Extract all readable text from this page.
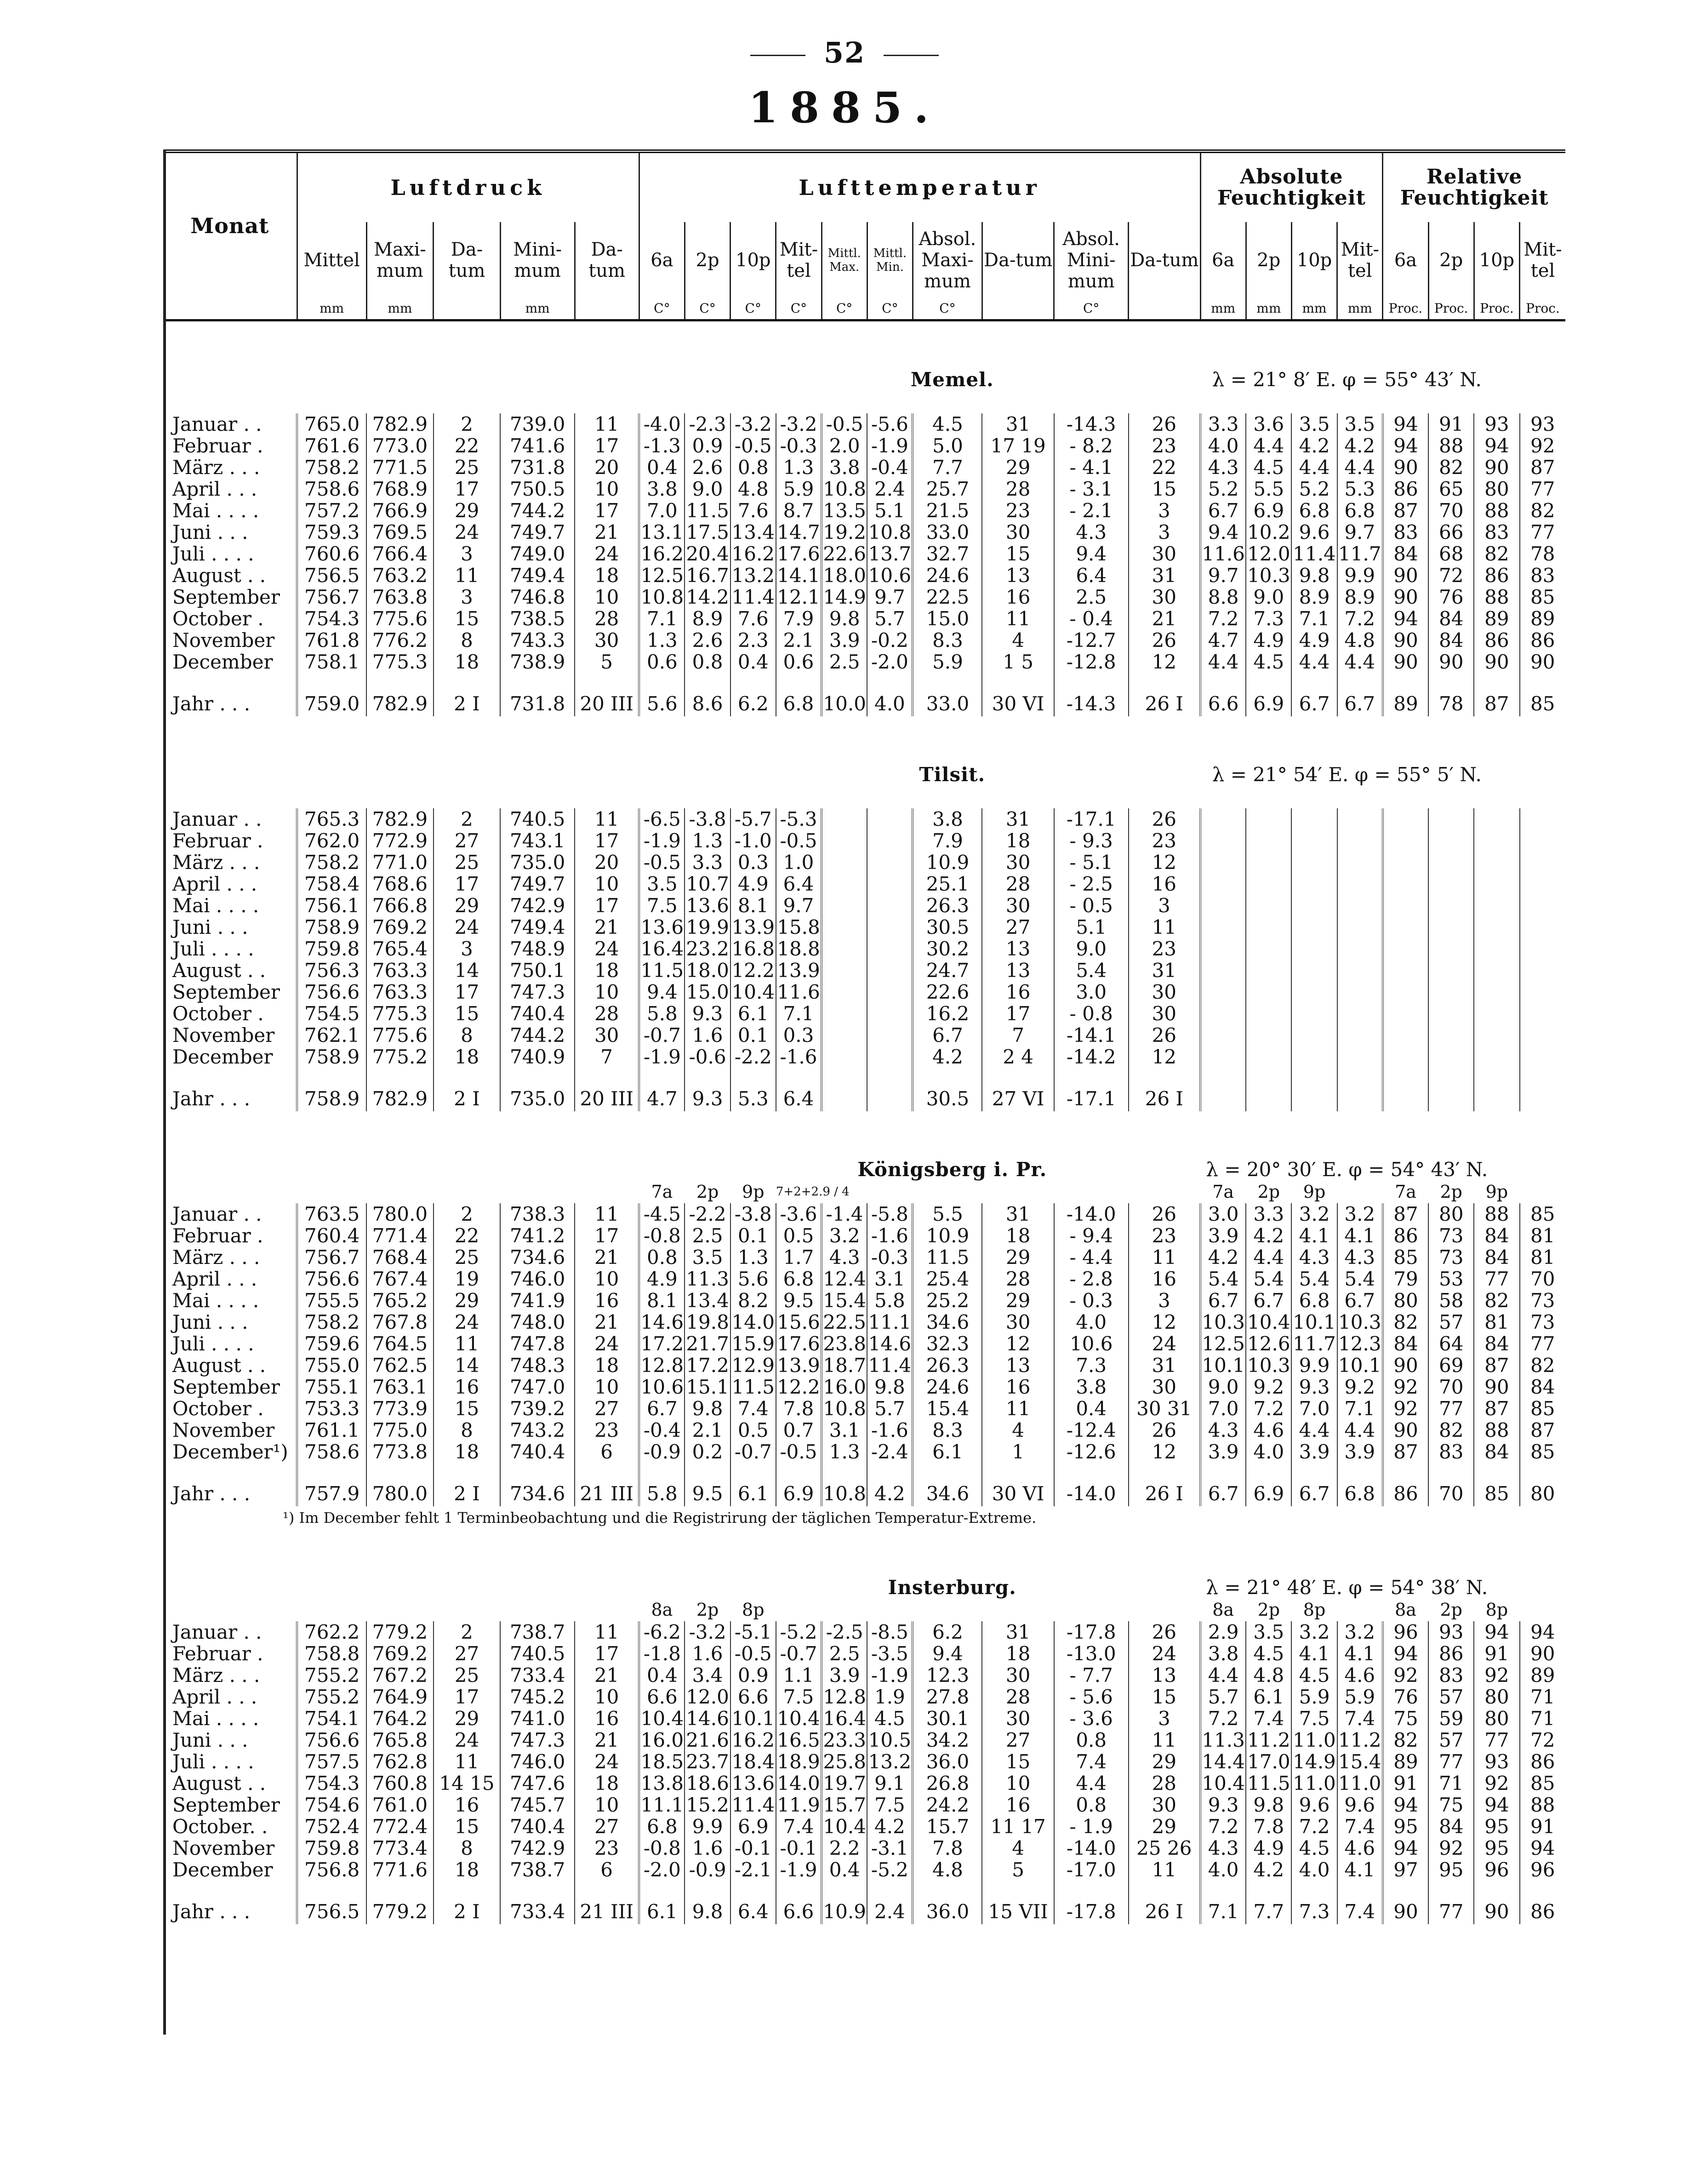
52
1885.
Monat	Luftdruck					Lufttemperatur										Absolute Feuchtigkeit				Relative Feuchtigkeit			
	Mittel	Maxi-mum	Da-tum	Mini-mum	Da-tum	6a	2p	10p	Mit-tel	Mittl. Max.	Mittl. Min.	Absol. Maxi-mum	Da-tum	Absol. Mini-mum	Da-tum	6a	2p	10p	Mit-tel	6a	2p	10p	Mit-tel
	mm	mm		mm		C°	C°	C°	C°	C°	C°	C°		C°		mm	mm	mm	mm	Proc.	Proc.	Proc.	Proc.
									Memel.						λ = 21° 8′ E. φ = 55° 43′ N.								

Januar . .	765.0	782.9	2	739.0	11	-4.0	-2.3	-3.2	-3.2	-0.5	-5.6	4.5	31	-14.3	26	3.3	3.6	3.5	3.5	94	91	93	93
Februar .	761.6	773.0	22	741.6	17	-1.3	0.9	-0.5	-0.3	2.0	-1.9	5.0	17 19	- 8.2	23	4.0	4.4	4.2	4.2	94	88	94	92
März . . .	758.2	771.5	25	731.8	20	0.4	2.6	0.8	1.3	3.8	-0.4	7.7	29	- 4.1	22	4.3	4.5	4.4	4.4	90	82	90	87
April . . .	758.6	768.9	17	750.5	10	3.8	9.0	4.8	5.9	10.8	2.4	25.7	28	- 3.1	15	5.2	5.5	5.2	5.3	86	65	80	77
Mai . . . .	757.2	766.9	29	744.2	17	7.0	11.5	7.6	8.7	13.5	5.1	21.5	23	- 2.1	3	6.7	6.9	6.8	6.8	87	70	88	82
Juni . . .	759.3	769.5	24	749.7	21	13.1	17.5	13.4	14.7	19.2	10.8	33.0	30	4.3	3	9.4	10.2	9.6	9.7	83	66	83	77
Juli . . . .	760.6	766.4	3	749.0	24	16.2	20.4	16.2	17.6	22.6	13.7	32.7	15	9.4	30	11.6	12.0	11.4	11.7	84	68	82	78
August . .	756.5	763.2	11	749.4	18	12.5	16.7	13.2	14.1	18.0	10.6	24.6	13	6.4	31	9.7	10.3	9.8	9.9	90	72	86	83
September	756.7	763.8	3	746.8	10	10.8	14.2	11.4	12.1	14.9	9.7	22.5	16	2.5	30	8.8	9.0	8.9	8.9	90	76	88	85
October .	754.3	775.6	15	738.5	28	7.1	8.9	7.6	7.9	9.8	5.7	15.0	11	- 0.4	21	7.2	7.3	7.1	7.2	94	84	89	89
November	761.8	776.2	8	743.3	30	1.3	2.6	2.3	2.1	3.9	-0.2	8.3	4	-12.7	26	4.7	4.9	4.9	4.8	90	84	86	86
December	758.1	775.3	18	738.9	5	0.6	0.8	0.4	0.6	2.5	-2.0	5.9	1 5	-12.8	12	4.4	4.5	4.4	4.4	90	90	90	90

Jahr . . .	759.0	782.9	2 I	731.8	20 III	5.6	8.6	6.2	6.8	10.0	4.0	33.0	30 VI	-14.3	26 I	6.6	6.9	6.7	6.7	89	78	87	85
									Tilsit.						λ = 21° 54′ E. φ = 55° 5′ N.								

Januar . .	765.3	782.9	2	740.5	11	-6.5	-3.8	-5.7	-5.3			3.8	31	-17.1	26								
Februar .	762.0	772.9	27	743.1	17	-1.9	1.3	-1.0	-0.5			7.9	18	- 9.3	23								
März . . .	758.2	771.0	25	735.0	20	-0.5	3.3	0.3	1.0			10.9	30	- 5.1	12								
April . . .	758.4	768.6	17	749.7	10	3.5	10.7	4.9	6.4			25.1	28	- 2.5	16								
Mai . . . .	756.1	766.8	29	742.9	17	7.5	13.6	8.1	9.7			26.3	30	- 0.5	3								
Juni . . .	758.9	769.2	24	749.4	21	13.6	19.9	13.9	15.8			30.5	27	5.1	11								
Juli . . . .	759.8	765.4	3	748.9	24	16.4	23.2	16.8	18.8			30.2	13	9.0	23								
August . .	756.3	763.3	14	750.1	18	11.5	18.0	12.2	13.9			24.7	13	5.4	31								
September	756.6	763.3	17	747.3	10	9.4	15.0	10.4	11.6			22.6	16	3.0	30								
October .	754.5	775.3	15	740.4	28	5.8	9.3	6.1	7.1			16.2	17	- 0.8	30								
November	762.1	775.6	8	744.2	30	-0.7	1.6	0.1	0.3			6.7	7	-14.1	26								
December	758.9	775.2	18	740.9	7	-1.9	-0.6	-2.2	-1.6			4.2	2 4	-14.2	12								

Jahr . . .	758.9	782.9	2 I	735.0	20 III	4.7	9.3	5.3	6.4			30.5	27 VI	-17.1	26 I								
									Königsberg i. Pr.						λ = 20° 30′ E. φ = 54° 43′ N.								
						7a	2p	9p	7+2+2.9 / 4							7a	2p	9p		7a	2p	9p	
Januar . .	763.5	780.0	2	738.3	11	-4.5	-2.2	-3.8	-3.6	-1.4	-5.8	5.5	31	-14.0	26	3.0	3.3	3.2	3.2	87	80	88	85
Februar .	760.4	771.4	22	741.2	17	-0.8	2.5	0.1	0.5	3.2	-1.6	10.9	18	- 9.4	23	3.9	4.2	4.1	4.1	86	73	84	81
März . . .	756.7	768.4	25	734.6	21	0.8	3.5	1.3	1.7	4.3	-0.3	11.5	29	- 4.4	11	4.2	4.4	4.3	4.3	85	73	84	81
April . . .	756.6	767.4	19	746.0	10	4.9	11.3	5.6	6.8	12.4	3.1	25.4	28	- 2.8	16	5.4	5.4	5.4	5.4	79	53	77	70
Mai . . . .	755.5	765.2	29	741.9	16	8.1	13.4	8.2	9.5	15.4	5.8	25.2	29	- 0.3	3	6.7	6.7	6.8	6.7	80	58	82	73
Juni . . .	758.2	767.8	24	748.0	21	14.6	19.8	14.0	15.6	22.5	11.1	34.6	30	4.0	12	10.3	10.4	10.1	10.3	82	57	81	73
Juli . . . .	759.6	764.5	11	747.8	24	17.2	21.7	15.9	17.6	23.8	14.6	32.3	12	10.6	24	12.5	12.6	11.7	12.3	84	64	84	77
August . .	755.0	762.5	14	748.3	18	12.8	17.2	12.9	13.9	18.7	11.4	26.3	13	7.3	31	10.1	10.3	9.9	10.1	90	69	87	82
September	755.1	763.1	16	747.0	10	10.6	15.1	11.5	12.2	16.0	9.8	24.6	16	3.8	30	9.0	9.2	9.3	9.2	92	70	90	84
October .	753.3	773.9	15	739.2	27	6.7	9.8	7.4	7.8	10.8	5.7	15.4	11	0.4	30 31	7.0	7.2	7.0	7.1	92	77	87	85
November	761.1	775.0	8	743.2	23	-0.4	2.1	0.5	0.7	3.1	-1.6	8.3	4	-12.4	26	4.3	4.6	4.4	4.4	90	82	88	87
December¹)	758.6	773.8	18	740.4	6	-0.9	0.2	-0.7	-0.5	1.3	-2.4	6.1	1	-12.6	12	3.9	4.0	3.9	3.9	87	83	84	85

Jahr . . .	757.9	780.0	2 I	734.6	21 III	5.8	9.5	6.1	6.9	10.8	4.2	34.6	30 VI	-14.0	26 I	6.7	6.9	6.7	6.8	86	70	85	80
¹) Im December fehlt 1 Terminbeobachtung und die Registrirung der täglichen Temperatur-Extreme.																							
									Insterburg.						λ = 21° 48′ E. φ = 54° 38′ N.								
						8a	2p	8p								8a	2p	8p		8a	2p	8p	
Januar . .	762.2	779.2	2	738.7	11	-6.2	-3.2	-5.1	-5.2	-2.5	-8.5	6.2	31	-17.8	26	2.9	3.5	3.2	3.2	96	93	94	94
Februar .	758.8	769.2	27	740.5	17	-1.8	1.6	-0.5	-0.7	2.5	-3.5	9.4	18	-13.0	24	3.8	4.5	4.1	4.1	94	86	91	90
März . . .	755.2	767.2	25	733.4	21	0.4	3.4	0.9	1.1	3.9	-1.9	12.3	30	- 7.7	13	4.4	4.8	4.5	4.6	92	83	92	89
April . . .	755.2	764.9	17	745.2	10	6.6	12.0	6.6	7.5	12.8	1.9	27.8	28	- 5.6	15	5.7	6.1	5.9	5.9	76	57	80	71
Mai . . . .	754.1	764.2	29	741.0	16	10.4	14.6	10.1	10.4	16.4	4.5	30.1	30	- 3.6	3	7.2	7.4	7.5	7.4	75	59	80	71
Juni . . .	756.6	765.8	24	747.3	21	16.0	21.6	16.2	16.5	23.3	10.5	34.2	27	0.8	11	11.3	11.2	11.0	11.2	82	57	77	72
Juli . . . .	757.5	762.8	11	746.0	24	18.5	23.7	18.4	18.9	25.8	13.2	36.0	15	7.4	29	14.4	17.0	14.9	15.4	89	77	93	86
August . .	754.3	760.8	14 15	747.6	18	13.8	18.6	13.6	14.0	19.7	9.1	26.8	10	4.4	28	10.4	11.5	11.0	11.0	91	71	92	85
September	754.6	761.0	16	745.7	10	11.1	15.2	11.4	11.9	15.7	7.5	24.2	16	0.8	30	9.3	9.8	9.6	9.6	94	75	94	88
October. .	752.4	772.4	15	740.4	27	6.8	9.9	6.9	7.4	10.4	4.2	15.7	11 17	- 1.9	29	7.2	7.8	7.2	7.4	95	84	95	91
November	759.8	773.4	8	742.9	23	-0.8	1.6	-0.1	-0.1	2.2	-3.1	7.8	4	-14.0	25 26	4.3	4.9	4.5	4.6	94	92	95	94
December	756.8	771.6	18	738.7	6	-2.0	-0.9	-2.1	-1.9	0.4	-5.2	4.8	5	-17.0	11	4.0	4.2	4.0	4.1	97	95	96	96

Jahr . . .	756.5	779.2	2 I	733.4	21 III	6.1	9.8	6.4	6.6	10.9	2.4	36.0	15 VII	-17.8	26 I	7.1	7.7	7.3	7.4	90	77	90	86
